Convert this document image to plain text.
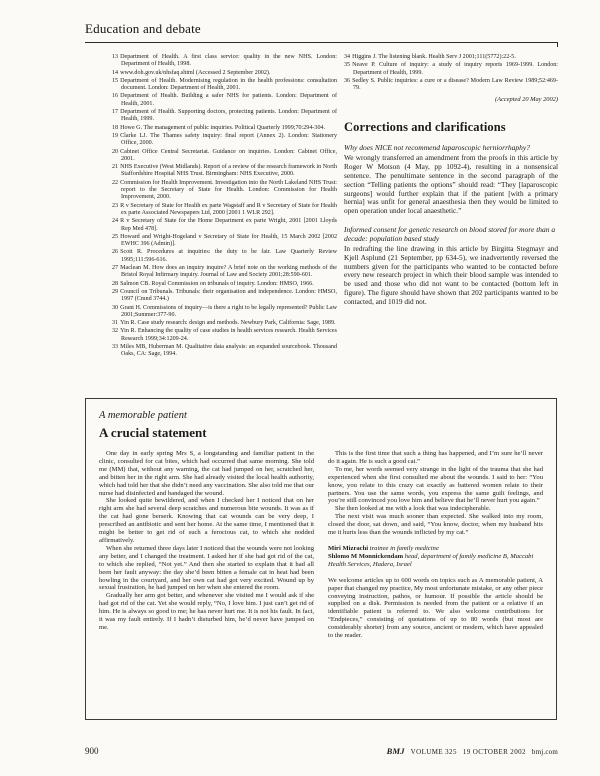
Education and debate

13 Department of Health. A first class service: quality in the new NHS. London: Department of Health, 1998.

14 www.doh.gov.uk/nhsfaq.shtml (Accessed 2 September 2002).

15 Department of Health. Modernising regulation in the health professions: consultation document. London: Department of Health, 2001.

16 Department of Health. Building a safer NHS for patients. London: Department of Health, 2001.

17 Department of Health. Supporting doctors, protecting patients. London: Department of Health, 1999.

18 Howe G. The management of public inquiries. Political Quarterly 1999;70:294-304.

19 Clarke LJ. The Thames safety inquiry: final report (Annex 2). London: Stationery Office, 2000.

20 Cabinet Office Central Secretariat. Guidance on inquiries. London: Cabinet Office, 2001.

21 NHS Executive (West Midlands). Report of a review of the research framework in North Staffordshire Hospital NHS Trust. Birmingham: NHS Executive, 2000.

22 Commission for Health Improvement. Investigation into the North Lakeland NHS Trust: report to the Secretary of State for Health. London: Commission for Health Improvement, 2000.

23 R v Secretary of State for Health ex parte Wagstaff and R v Secretary of State for Health ex parte Associated Newspapers Ltd, 2000 [2001 1 WLR 292].

24 R v Secretary of State for the Home Department ex parte Wright, 2001 [2001 Lloyds Rep Med 478].

25 Howard and Wright-Hogeland v Secretary of State for Health, 15 March 2002 [2002 EWHC 396 (Admin)].

26 Scott R. Procedures at inquiries: the duty to be fair. Law Quarterly Review 1995;111:596-616.

27 Maclean M. How does an inquiry inquire? A brief note on the working methods of the Bristol Royal Infirmary inquiry. Journal of Law and Society 2001;28:590-601.

28 Salmon CB. Royal Commission on tribunals of inquiry. London: HMSO, 1966.

29 Council on Tribunals. Tribunals: their organisation and independence. London: HMSO, 1997 (Cmnd 3744.)

30 Grant H. Commissions of inquiry—is there a right to be legally represented? Public Law 2001;Summer:377-90.

31 Yin R. Case study research: design and methods. Newbury Park, California: Sage, 1989.

32 Yin R. Enhancing the quality of case studies in health services research. Health Services Research 1999;34:1209-24.

33 Miles MB, Huberman M. Qualitative data analysis: an expanded sourcebook. Thousand Oaks, CA: Sage, 1994.

34 Higgins J. The listening blank. Health Serv J 2001;111(5772):22-5.

35 Neave P. Culture of inquiry: a study of inquiry reports 1969-1999. London: Department of Health, 1999.

36 Sedley S. Public inquiries: a cure or a disease? Modern Law Review 1989;52:469-79.

(Accepted 20 May 2002)

Corrections and clarifications

Why does NICE not recommend laparoscopic herniorrhaphy?

We wrongly transferred an amendment from the proofs in this article by Roger W Motson (4 May, pp 1092-4), resulting in a nonsensical sentence. The penultimate sentence in the second paragraph of the section “Telling patients the options” should read: “They [laparoscopic surgeons] would further explain that if the patient [with a primary hernia] was unfit for general anaesthesia then they would be limited to open operation under local anaesthetic.”

Informed consent for genetic research on blood stored for more than a decade: population based study

In redrafting the line drawing in this article by Birgitta Stegmayr and Kjell Asplund (21 September, pp 634-5), we inadvertently reversed the numbers given for the participants who wanted to be contacted before every new research project in which their blood sample was intended to be used and those who did not want to be contacted (bottom left in figure). The figure should have shown that 202 participants wanted to be contacted, and 1019 did not.

A memorable patient

A crucial statement

One day in early spring Mrs S, a longstanding and familiar patient in the clinic, consulted for cat bites, which had occurred that same morning. She told me (MM) that, without any warning, the cat had jumped on her, scratched her, and bitten her in the right arm. She had already visited the local health authority, which had told her that she didn’t need any vaccination. She also told me that our nurse had disinfected and bandaged the wound.

She looked quite bewildered, and when I checked her I noticed that on her right arm she had several deep scratches and numerous bite wounds. It was as if the cat had gone berserk. Knowing that cat wounds can be very deep, I prescribed an antibiotic and sent her home. At the same time, I mentioned that it might be better to get rid of such a ferocious cat, to which she nodded affirmatively.

When she returned three days later I noticed that the wounds were not looking any better, and I changed the treatment. I asked her if she had got rid of the cat, to which she replied, “Not yet.” And then she started to explain that it had all been her fault anyway: the day she’d been bitten a female cat in heat had been howling in the courtyard, and her own cat had got very excited. Wound up by sexual frustration, he had jumped on her when she entered the room.

Gradually her arm got better, and whenever she visited me I would ask if she had got rid of the cat. Yet she would reply, “No, I love him. I just can’t get rid of him. He is always so good to me; he has never hurt me. It is not his fault. In fact, it was my fault entirely. If I hadn’t disturbed him, he’d never have jumped on me.

This is the first time that such a thing has happened, and I’m sure he’ll never do it again. He is such a good cat.”

To me, her words seemed very strange in the light of the trauma that she had experienced when she first consulted me about the wounds. I said to her: “You know, you relate to this crazy cat exactly as battered women relate to their partners. You use the same words, you express the same guilt feelings, and you’re still convinced you love him and believe that he’ll never hurt you again.”

She then looked at me with a look that was indecipherable.

The next visit was much sooner than expected. She walked into my room, closed the door, sat down, and said, “You know, doctor, when my husband hits me it hurts less than the wounds inflicted by my cat.”

Miri Mizrachi trainee in family medicine

Shlomo M Monnickendam head, department of family medicine B, Maccabi Health Services, Hadera, Israel

We welcome articles up to 600 words on topics such as A memorable patient, A paper that changed my practice, My most unfortunate mistake, or any other piece conveying instruction, pathos, or humour. If possible the article should be supplied on a disk. Permission is needed from the patient or a relative if an identifiable patient is referred to. We also welcome contributions for “Endpieces,” consisting of quotations of up to 80 words (but most are considerably shorter) from any source, ancient or modern, which have appealed to the reader.

900	BMJ VOLUME 325 19 OCTOBER 2002 bmj.com
